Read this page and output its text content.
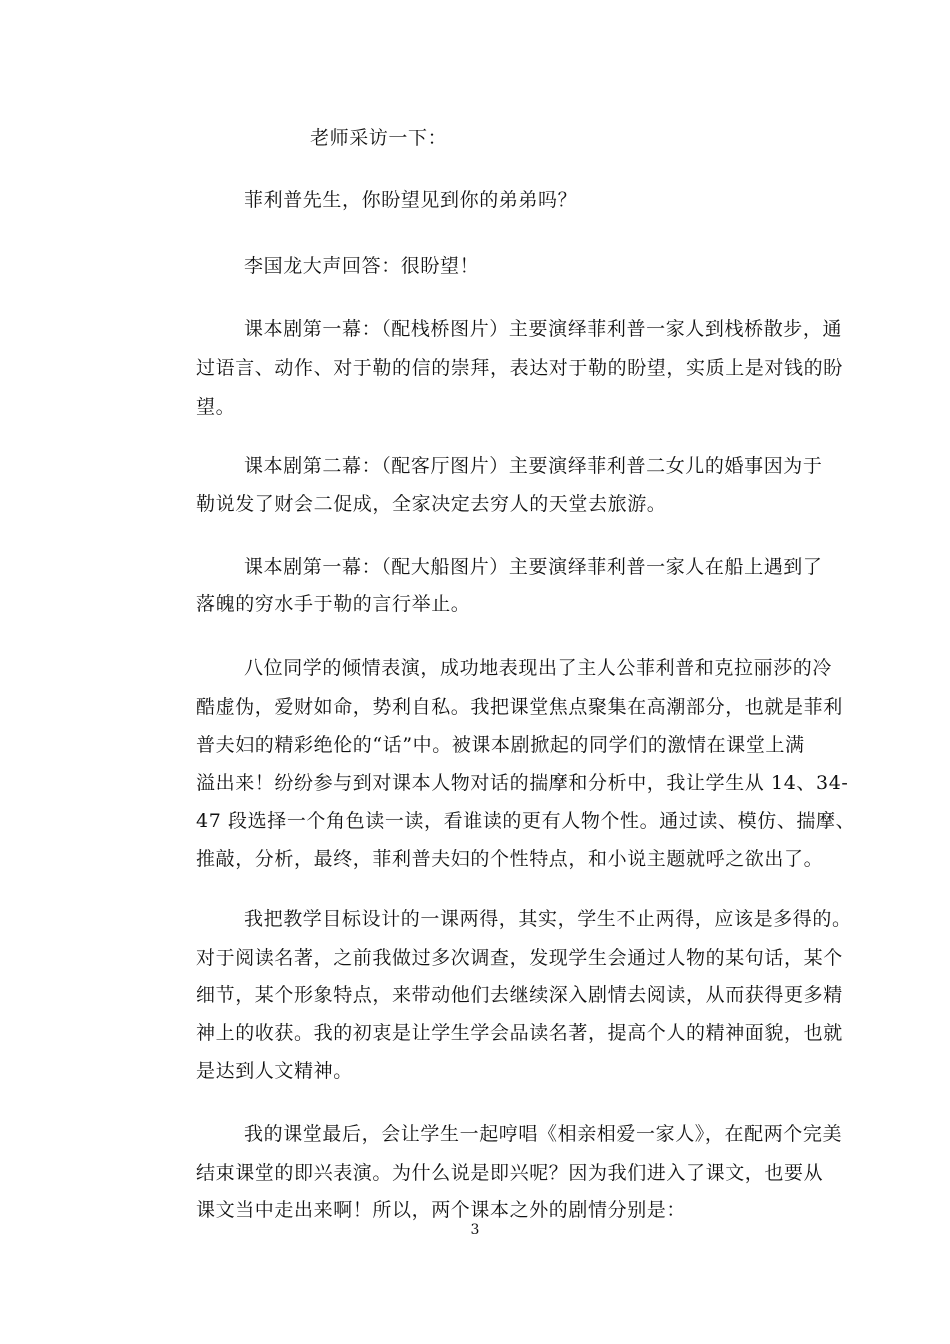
老师采访一下：
菲利普先生，你盼望见到你的弟弟吗？
李国龙大声回答：很盼望！
课本剧第一幕：（配栈桥图片）主要演绎菲利普一家人到栈桥散步，通
过语言、动作、对于勒的信的崇拜，表达对于勒的盼望，实质上是对钱的盼
望。
课本剧第二幕：（配客厅图片）主要演绎菲利普二女儿的婚事因为于
勒说发了财会二促成，全家决定去穷人的天堂去旅游。
课本剧第一幕：（配大船图片）主要演绎菲利普一家人在船上遇到了
落魄的穷水手于勒的言行举止。
八位同学的倾情表演，成功地表现出了主人公菲利普和克拉丽莎的冷
酷虚伪，爱财如命，势利自私。我把课堂焦点聚集在高潮部分，也就是菲利
普夫妇的精彩绝伦的“话”中。被课本剧掀起的同学们的激情在课堂上满
溢出来！纷纷参与到对课本人物对话的揣摩和分析中，我让学生从 14、34-
47 段选择一个角色读一读，看谁读的更有人物个性。通过读、模仿、揣摩、
推敲，分析，最终，菲利普夫妇的个性特点，和小说主题就呼之欲出了。
我把教学目标设计的一课两得，其实，学生不止两得，应该是多得的。
对于阅读名著，之前我做过多次调查，发现学生会通过人物的某句话，某个
细节，某个形象特点，来带动他们去继续深入剧情去阅读，从而获得更多精
神上的收获。我的初衷是让学生学会品读名著，提高个人的精神面貌，也就
是达到人文精神。
我的课堂最后，会让学生一起哼唱《相亲相爱一家人》，在配两个完美
结束课堂的即兴表演。为什么说是即兴呢？因为我们进入了课文，也要从
课文当中走出来啊！所以，两个课本之外的剧情分别是：
3
